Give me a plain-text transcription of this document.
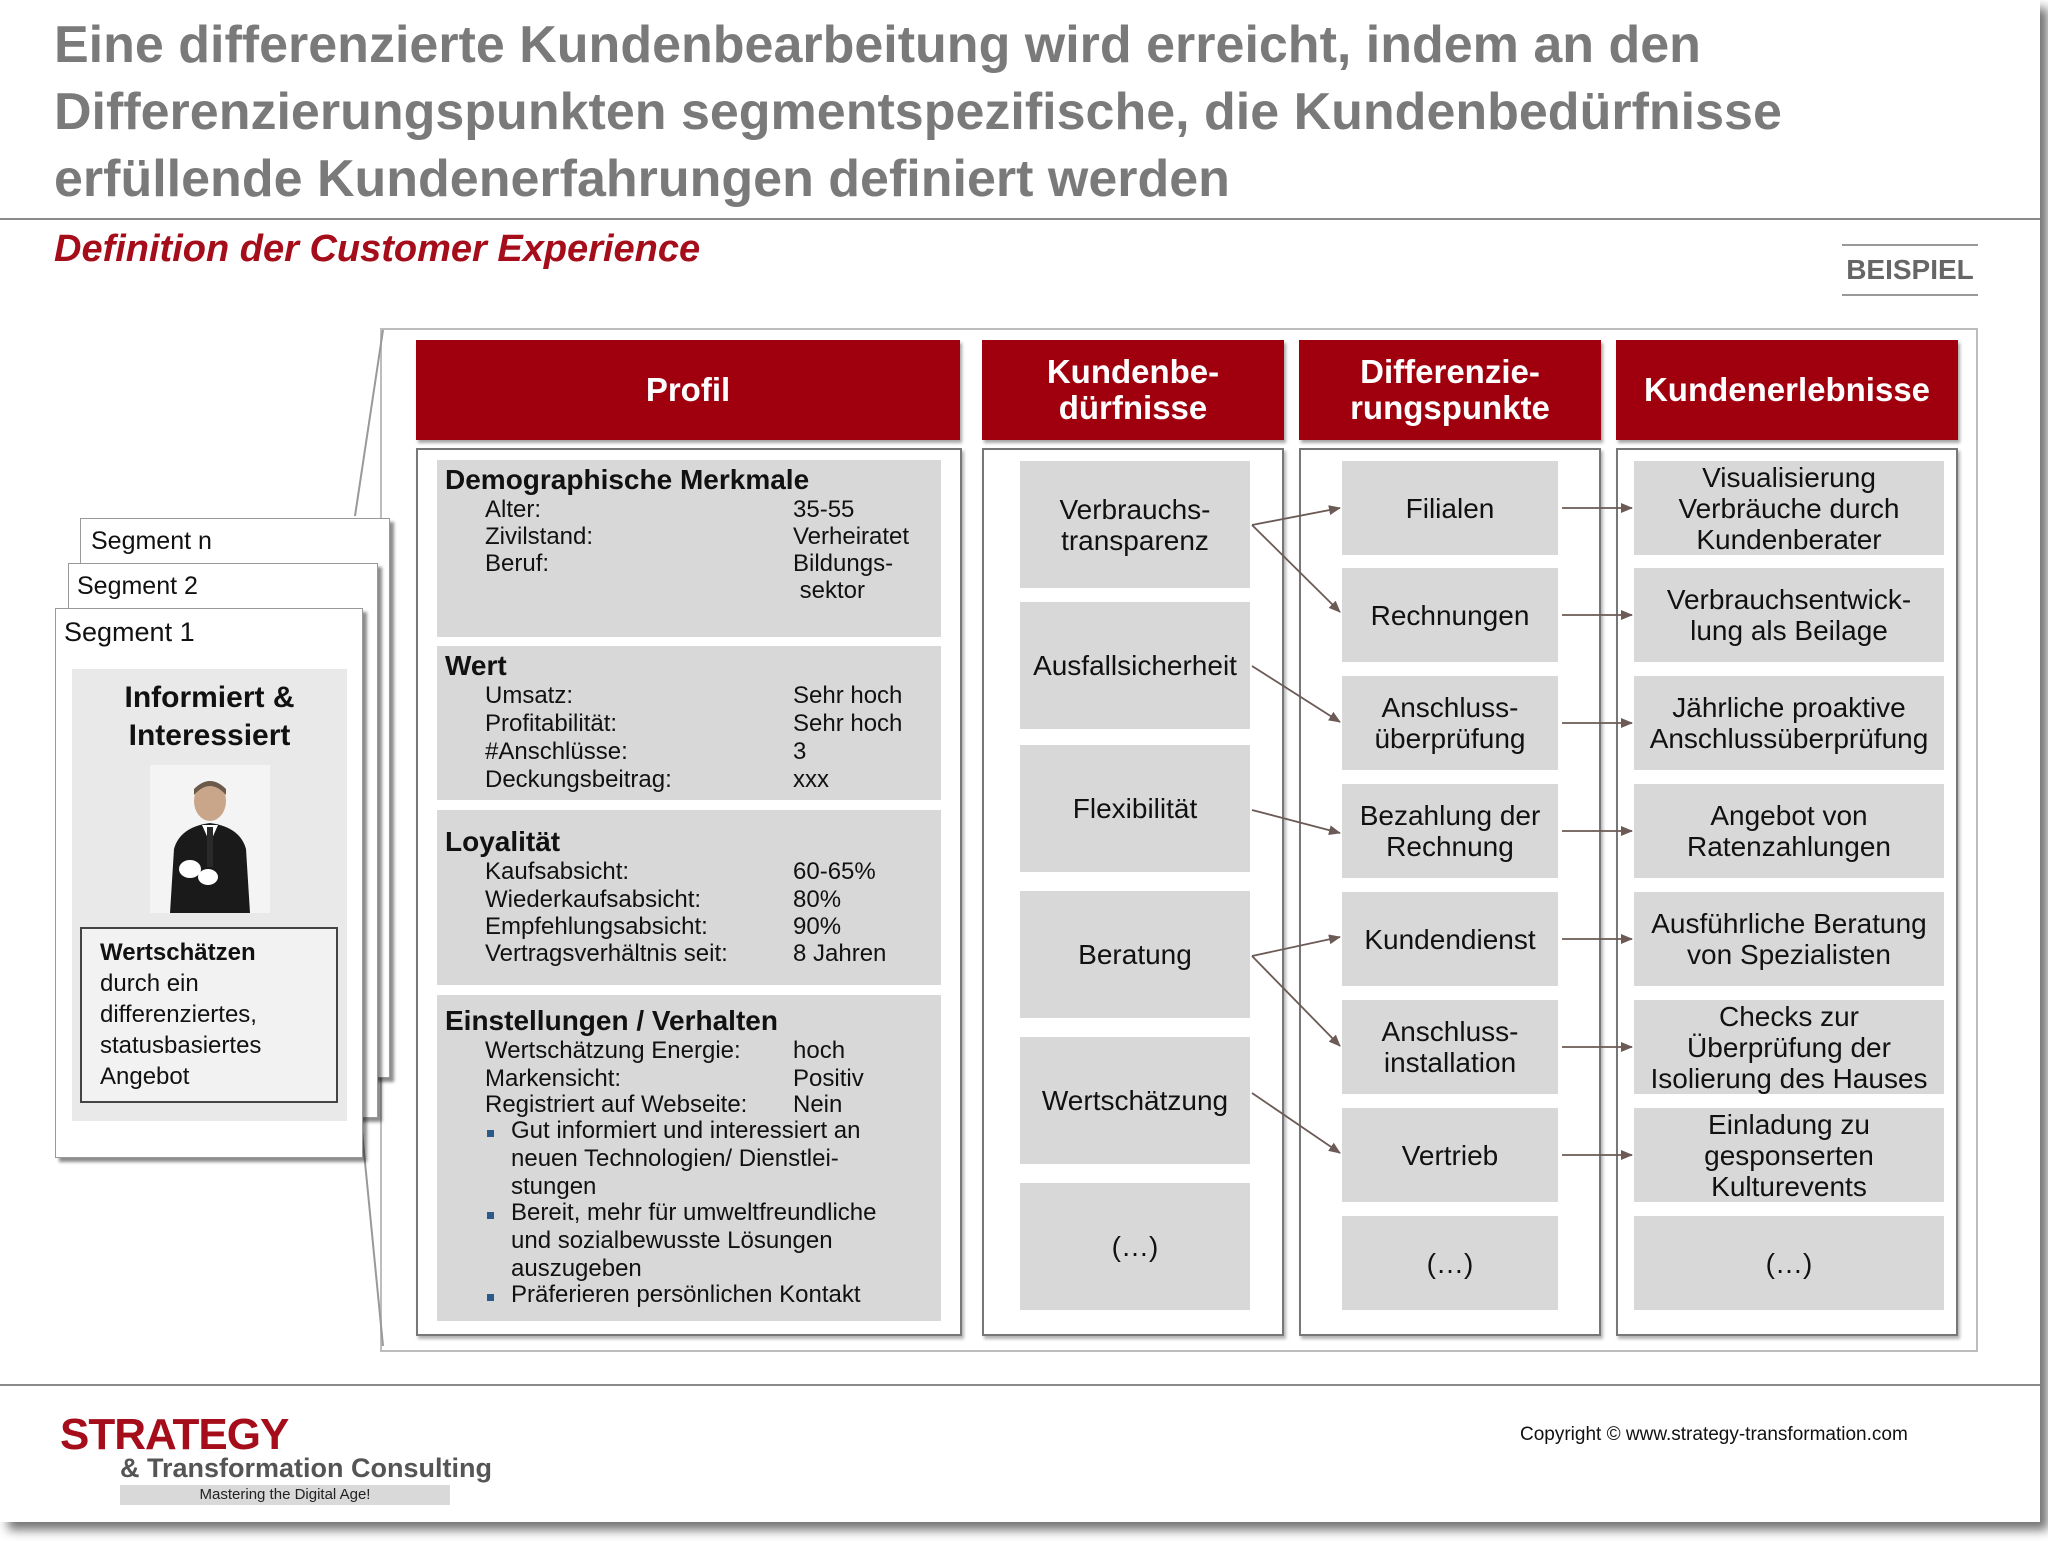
Eine differenzierte Kundenbearbeitung wird erreicht, indem an den Differenzierungspunkten segmentspezifische, die Kundenbedürfnisse erfüllende Kundenerfahrungen definiert werden
Definition der Customer Experience	BEISPIEL
Segment n
Segment 2
Segment 1
Informiert & Interessiert
Wertschätzen
durch ein
differenziertes,
statusbasiertes
Angebot
Profil	Kundenbe-
dürfnisse
Differenzie-
rungspunkte	Kundenerlebnisse
Demographische Merkmale
Alter:	35-55
Zivilstand:	Verheiratet
Beruf:	Bildungs-
sektor
Wert
Umsatz:	Sehr hoch
Profitabilität:	Sehr hoch
#Anschlüsse:	3
Deckungsbeitrag:	xxx
Loyalität
Kaufsabsicht:	60-65%
Wiederkaufsabsicht:	80%
Empfehlungsabsicht:	90%
Vertragsverhältnis seit:	8 Jahren
Einstellungen / Verhalten
Wertschätzung Energie: hoch
Markensicht:	Positiv
Registriert auf Webseite: Nein
Gut informiert und interessiert an neuen Technologien/ Dienstlei-stungen
Bereit, mehr für umweltfreundliche und sozialbewusste Lösungen auszugeben
Präferieren persönlichen Kontakt
Verbrauchs-
transparenz
Ausfallsicherheit
Flexibilität
Beratung
Wertschätzung
(…)
Filialen
Rechnungen
Anschluss-
überprüfung
Bezahlung der
Rechnung
Kundendienst
Anschluss-
installation
Vertrieb
(…)
Visualisierung
Verbräuche durch
Kundenberater
Verbrauchsentwick-
lung als Beilage
Jährliche proaktive
Anschlussüberprüfung
Angebot von
Ratenzahlungen
Ausführliche Beratung
von Spezialisten
Checks zur
Überprüfung der
Isolierung des Hauses
Einladung zu
gesponserten
Kulturevents
(…)
STRATEGY
& Transformation Consulting
Mastering the Digital Age!
Copyright © www.strategy-transformation.com
